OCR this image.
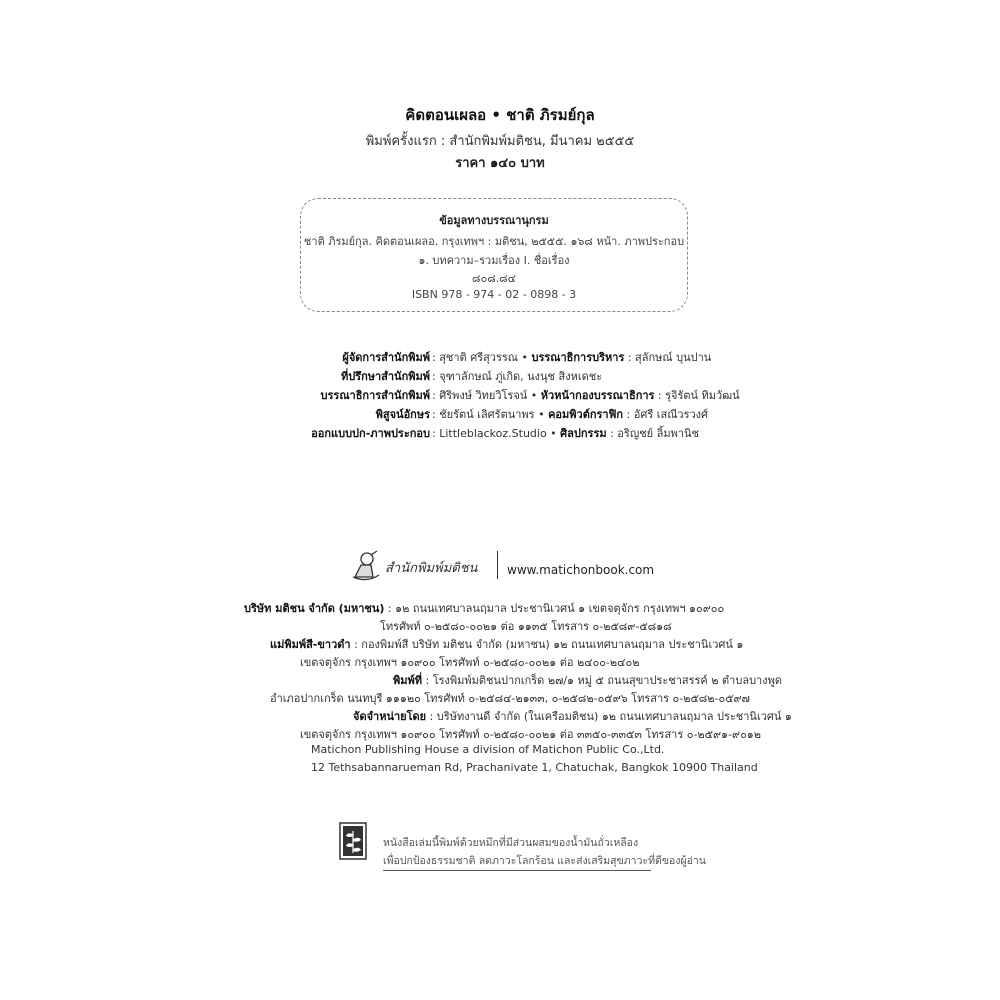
คิดตอนเผลอ • ชาติ ภิรมย์กุล
พิมพ์ครั้งแรก : สำนักพิมพ์มติชน, มีนาคม ๒๕๕๕
ราคา ๑๔๐ บาท
ข้อมูลทางบรรณานุกรม
ชาติ ภิรมย์กุล. คิดตอนเผลอ. กรุงเทพฯ : มติชน, ๒๕๕๕. ๑๖๘ หน้า. ภาพประกอบ
๑. บทความ–รวมเรื่อง I. ชื่อเรื่อง
๘๐๘.๘๔
ISBN 978 - 974 - 02 - 0898 - 3
ผู้จัดการสำนักพิมพ์ : สุชาติ ศรีสุวรรณ • บรรณาธิการบริหาร : สุลักษณ์ บุนปาน
ที่ปรึกษาสำนักพิมพ์ : จุฑาลักษณ์ ภู่เกิด, นงนุช สิงหเดชะ
บรรณาธิการสำนักพิมพ์ : ศิริพงษ์ วิทยวิโรจน์ • หัวหน้ากองบรรณาธิการ : รุจิรัตน์ ทิมวัฒน์
พิสูจน์อักษร : ชัยรัตน์ เลิศรัตนาพร • คอมพิวต์กราฟิก : อัศรี เสณีวรวงศ์
ออกแบบปก-ภาพประกอบ : Littleblackoz.Studio • ศิลปกรรม : อริญชย์ ลิ้มพานิช
สำนักพิมพ์มติชน www.matichonbook.com
บริษัท มติชน จำกัด (มหาชน) : ๑๒ ถนนเทศบาลนฤมาล ประชานิเวศน์ ๑ เขตจตุจักร กรุงเทพฯ ๑๐๙๐๐
โทรศัพท์ ๐-๒๕๘๐-๐๐๒๑ ต่อ ๑๑๓๕ โทรสาร ๐-๒๕๘๙-๕๘๑๘
แม่พิมพ์สี-ขาวดำ : กองพิมพ์สี บริษัท มติชน จำกัด (มหาชน) ๑๒ ถนนเทศบาลนฤมาล ประชานิเวศน์ ๑
เขตจตุจักร กรุงเทพฯ ๑๐๙๐๐ โทรศัพท์ ๐-๒๕๘๐-๐๐๒๑ ต่อ ๒๔๐๐-๒๔๐๒
พิมพ์ที่ : โรงพิมพ์มติชนปากเกร็ด ๒๗/๑ หมู่ ๕ ถนนสุขาประชาสรรค์ ๒ ตำบลบางพูด
อำเภอปากเกร็ด นนทบุรี ๑๑๑๒๐ โทรศัพท์ ๐-๒๕๘๔-๒๑๓๓, ๐-๒๕๘๒-๐๕๙๖ โทรสาร ๐-๒๕๘๒-๐๕๙๗
จัดจำหน่ายโดย : บริษัทงานดี จำกัด (ในเครือมติชน) ๑๒ ถนนเทศบาลนฤมาล ประชานิเวศน์ ๑
เขตจตุจักร กรุงเทพฯ ๑๐๙๐๐ โทรศัพท์ ๐-๒๕๘๐-๐๐๒๑ ต่อ ๓๓๕๐-๓๓๕๓ โทรสาร ๐-๒๕๙๑-๙๐๑๒
Matichon Publishing House a division of Matichon Public Co.,Ltd.
12 Tethsabannarueman Rd, Prachanivate 1, Chatuchak, Bangkok 10900 Thailand
หนังสือเล่มนี้พิมพ์ด้วยหมึกที่มีส่วนผสมของน้ำมันถั่วเหลือง
เพื่อปกป้องธรรมชาติ ลดภาวะโลกร้อน และส่งเสริมสุขภาวะที่ดีของผู้อ่าน
